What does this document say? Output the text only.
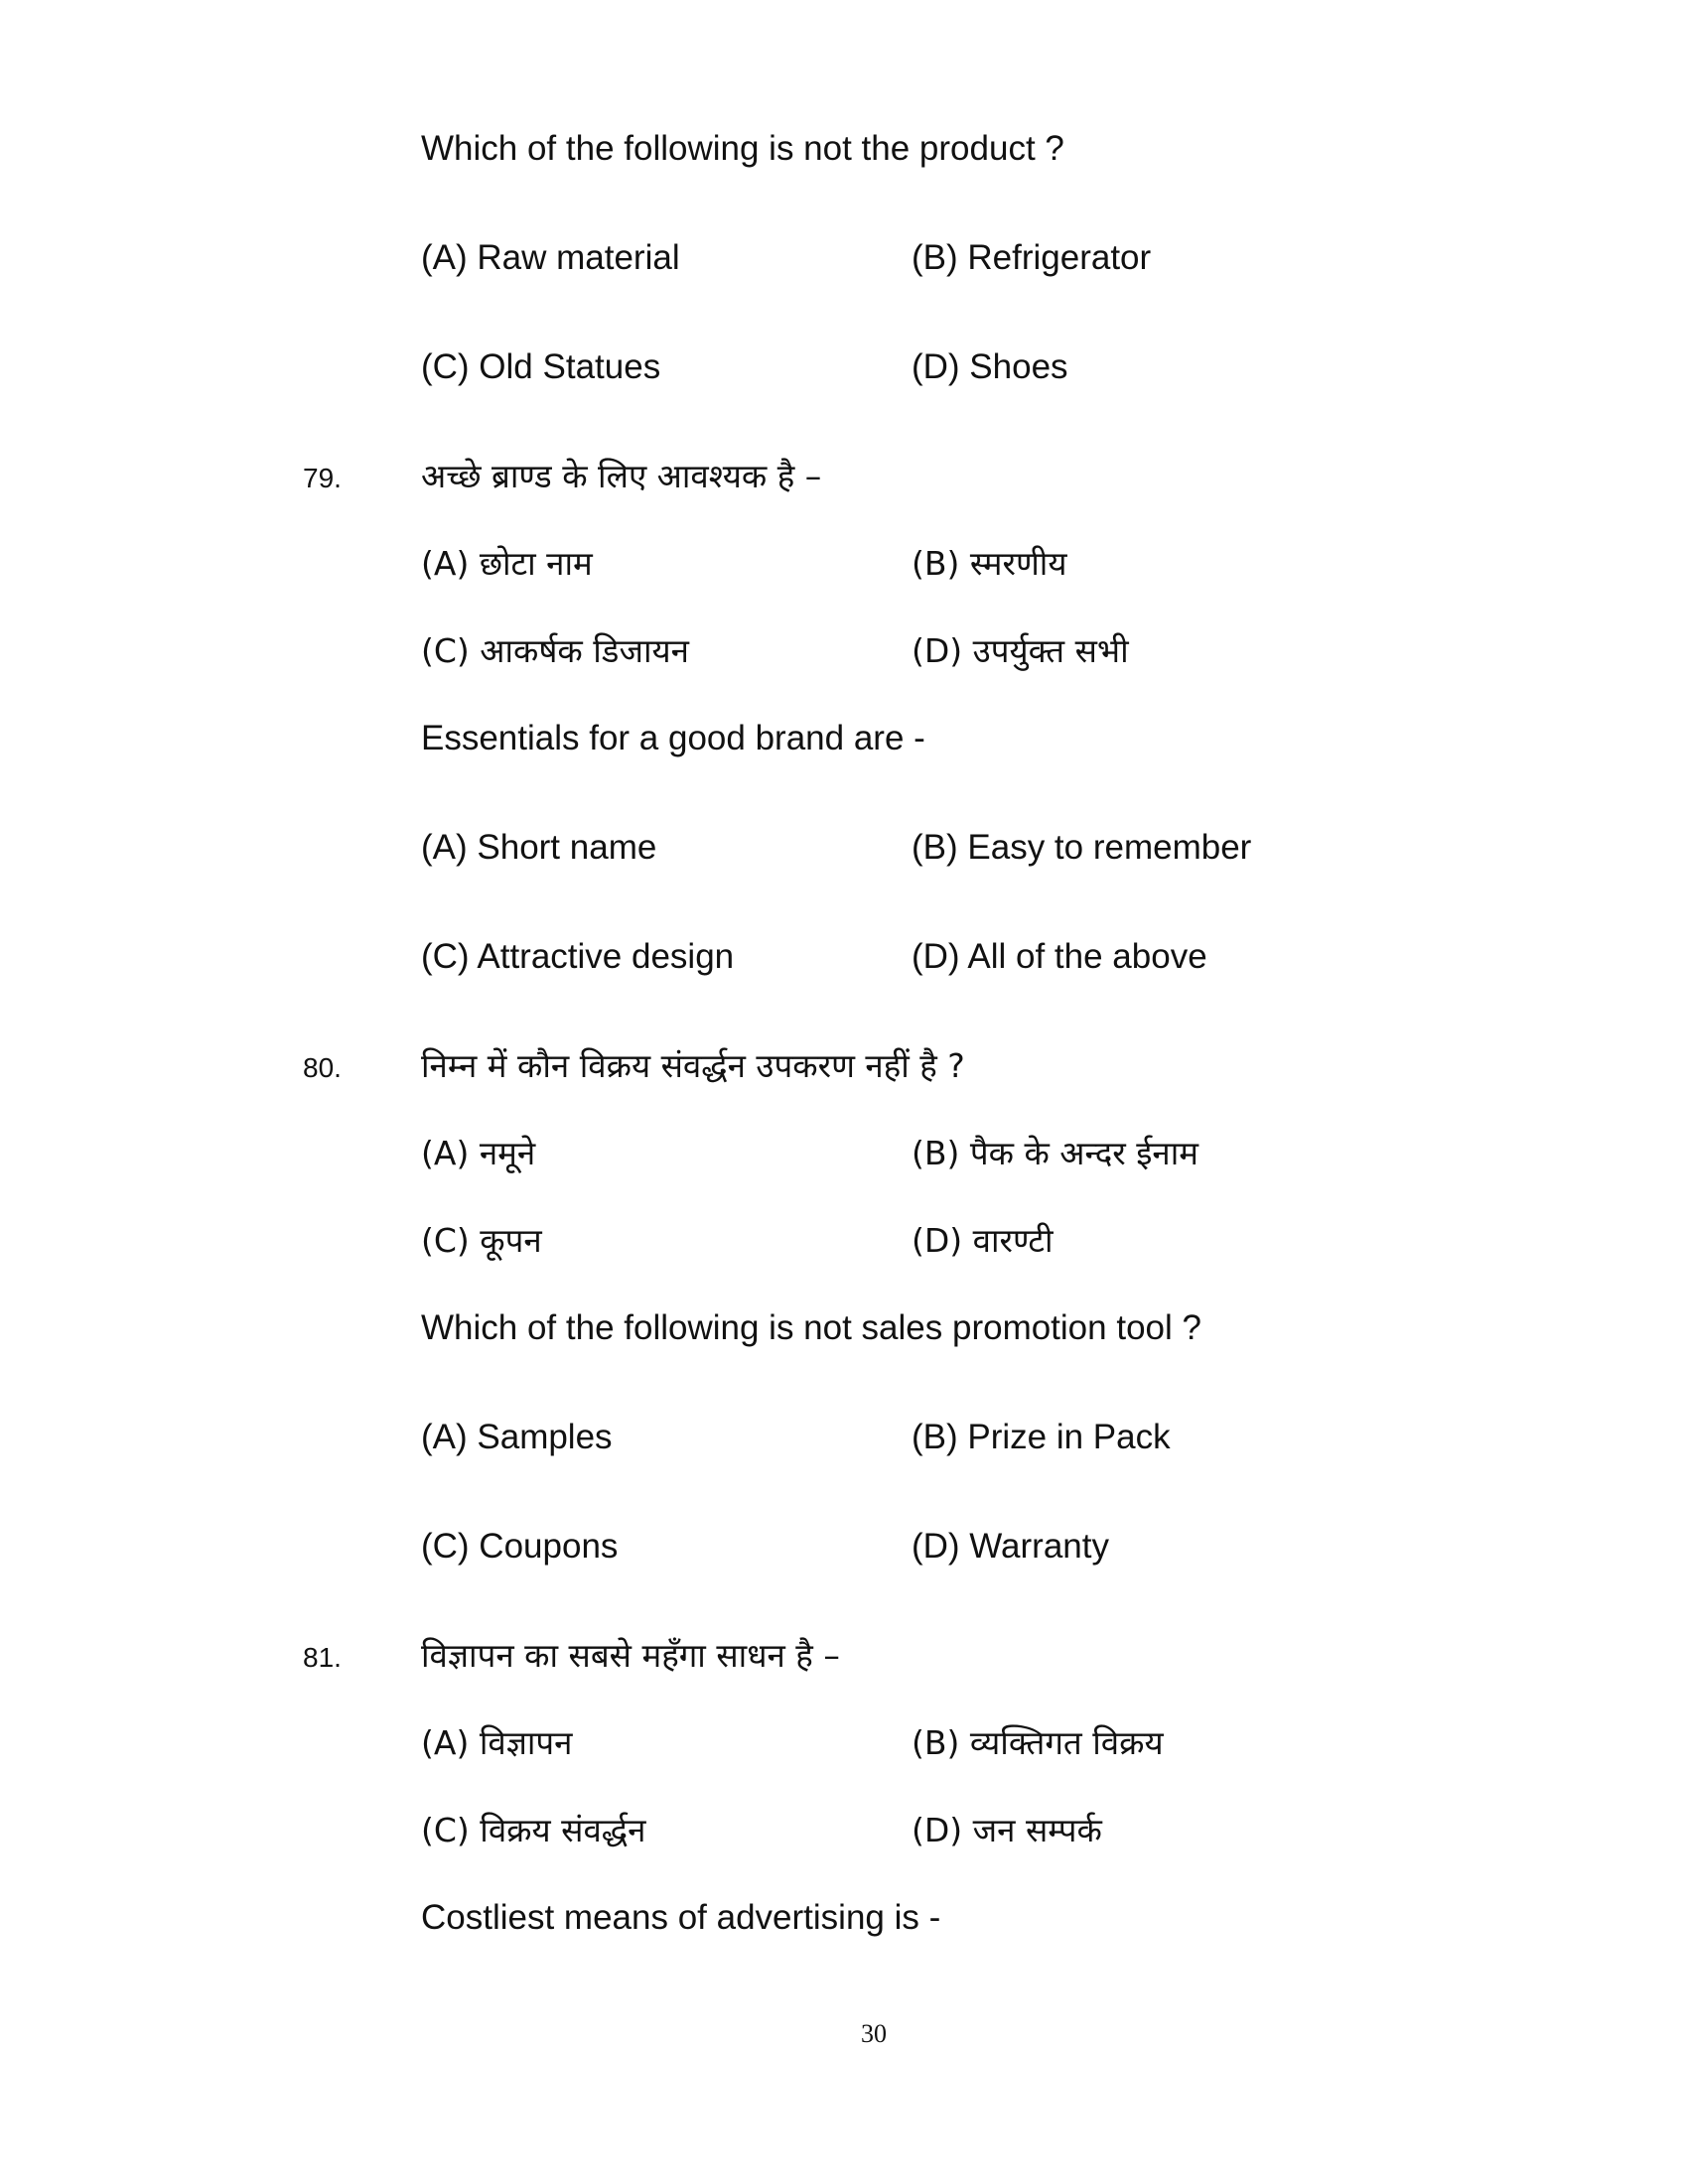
Which of the following is not the product ?
(A) Raw material	(B) Refrigerator
(C) Old Statues	(D) Shoes
79. अच्छे ब्राण्ड के लिए आवश्यक है –
(A) छोटा नाम	(B) स्मरणीय
(C) आकर्षक डिजायन	(D) उपर्युक्त सभी
Essentials for a good brand are -
(A) Short name	(B) Easy to remember
(C) Attractive design	(D) All of the above
80. निम्न में कौन विक्रय संवर्द्धन उपकरण नहीं है ?
(A) नमूने	(B) पैक के अन्दर ईनाम
(C) कूपन	(D) वारण्टी
Which of the following is not sales promotion tool ?
(A) Samples	(B) Prize in Pack
(C) Coupons	(D) Warranty
81. विज्ञापन का सबसे महँगा साधन है –
(A) विज्ञापन	(B) व्यक्तिगत विक्रय
(C) विक्रय संवर्द्धन	(D) जन सम्पर्क
Costliest means of advertising is -
30
